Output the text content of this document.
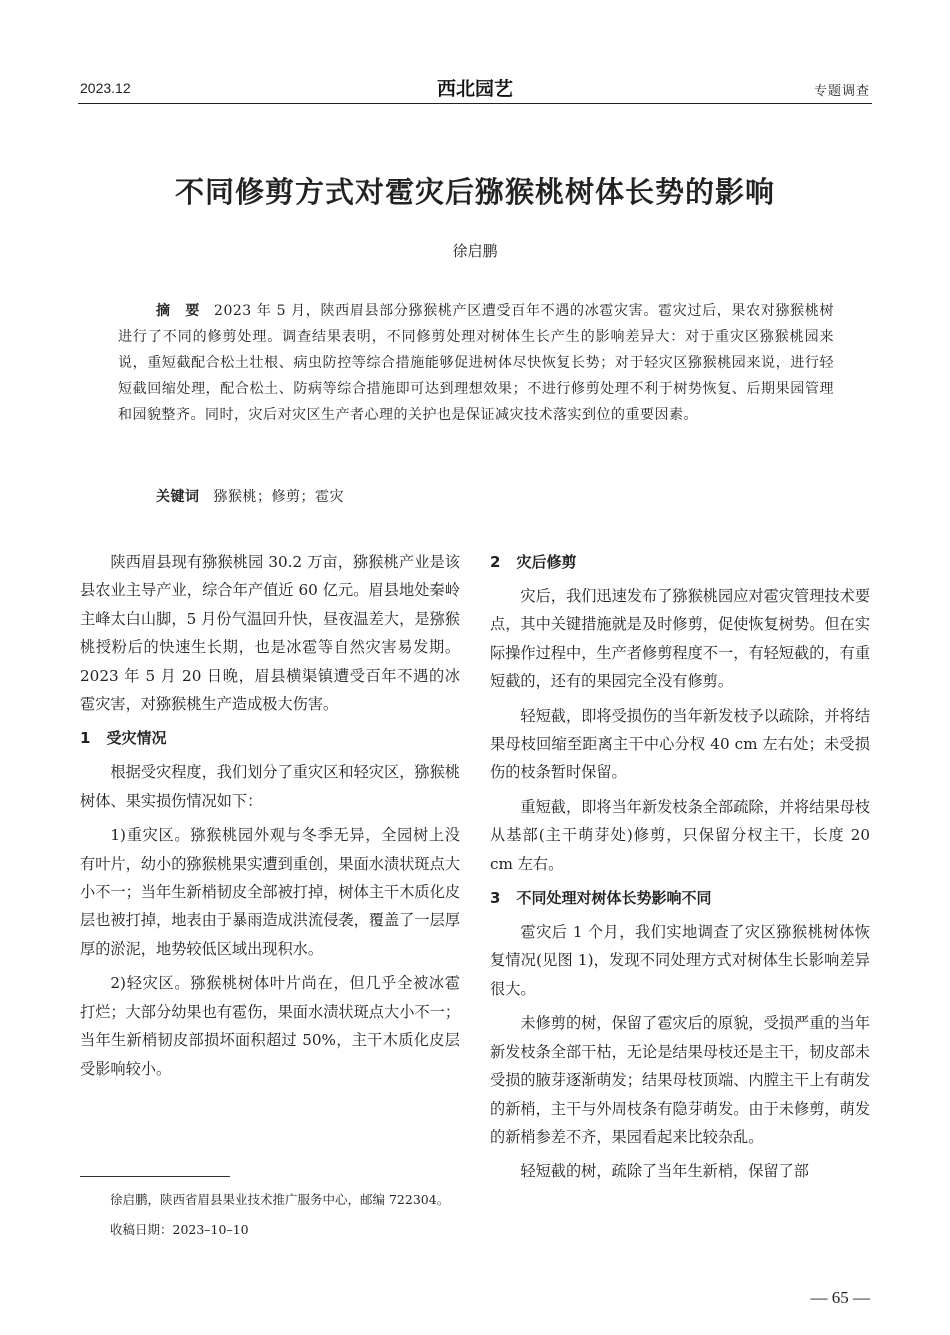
2023.12	西北园艺	专题调查
不同修剪方式对雹灾后猕猴桃树体长势的影响
徐启鹏
摘　要 2023 年 5 月，陕西眉县部分猕猴桃产区遭受百年不遇的冰雹灾害。雹灾过后，果农对猕猴桃树进行了不同的修剪处理。调查结果表明，不同修剪处理对树体生长产生的影响差异大：对于重灾区猕猴桃园来说，重短截配合松土壮根、病虫防控等综合措施能够促进树体尽快恢复长势；对于轻灾区猕猴桃园来说，进行轻短截回缩处理，配合松土、防病等综合措施即可达到理想效果；不进行修剪处理不利于树势恢复、后期果园管理和园貌整齐。同时，灾后对灾区生产者心理的关护也是保证减灾技术落实到位的重要因素。
关键词 猕猴桃；修剪；雹灾

陕西眉县现有猕猴桃园 30.2 万亩，猕猴桃产业是该县农业主导产业，综合年产值近 60 亿元。眉县地处秦岭主峰太白山脚，5 月份气温回升快，昼夜温差大，是猕猴桃授粉后的快速生长期，也是冰雹等自然灾害易发期。2023 年 5 月 20 日晚，眉县横渠镇遭受百年不遇的冰雹灾害，对猕猴桃生产造成极大伤害。

1 受灾情况

根据受灾程度，我们划分了重灾区和轻灾区，猕猴桃树体、果实损伤情况如下：

1)重灾区。猕猴桃园外观与冬季无异，全园树上没有叶片，幼小的猕猴桃果实遭到重创，果面水渍状斑点大小不一；当年生新梢韧皮全部被打掉，树体主干木质化皮层也被打掉，地表由于暴雨造成洪流侵袭，覆盖了一层厚厚的淤泥，地势较低区域出现积水。

2)轻灾区。猕猴桃树体叶片尚在，但几乎全被冰雹打烂；大部分幼果也有雹伤，果面水渍状斑点大小不一；当年生新梢韧皮部损坏面积超过 50%，主干木质化皮层受影响较小。

徐启鹏，陕西省眉县果业技术推广服务中心，邮编 722304。

收稿日期：2023–10–10

2 灾后修剪

灾后，我们迅速发布了猕猴桃园应对雹灾管理技术要点，其中关键措施就是及时修剪，促使恢复树势。但在实际操作过程中，生产者修剪程度不一，有轻短截的，有重短截的，还有的果园完全没有修剪。

轻短截，即将受损伤的当年新发枝予以疏除，并将结果母枝回缩至距离主干中心分杈 40 cm 左右处；未受损伤的枝条暂时保留。

重短截，即将当年新发枝条全部疏除，并将结果母枝从基部(主干萌芽处)修剪，只保留分杈主干，长度 20 cm 左右。

3 不同处理对树体长势影响不同

雹灾后 1 个月，我们实地调查了灾区猕猴桃树体恢复情况(见图 1)，发现不同处理方式对树体生长影响差异很大。

未修剪的树，保留了雹灾后的原貌，受损严重的当年新发枝条全部干枯，无论是结果母枝还是主干，韧皮部未受损的腋芽逐渐萌发；结果母枝顶端、内膛主干上有萌发的新梢，主干与外周枝条有隐芽萌发。由于未修剪，萌发的新梢参差不齐，果园看起来比较杂乱。

轻短截的树，疏除了当年生新梢，保留了部

— 65 —
